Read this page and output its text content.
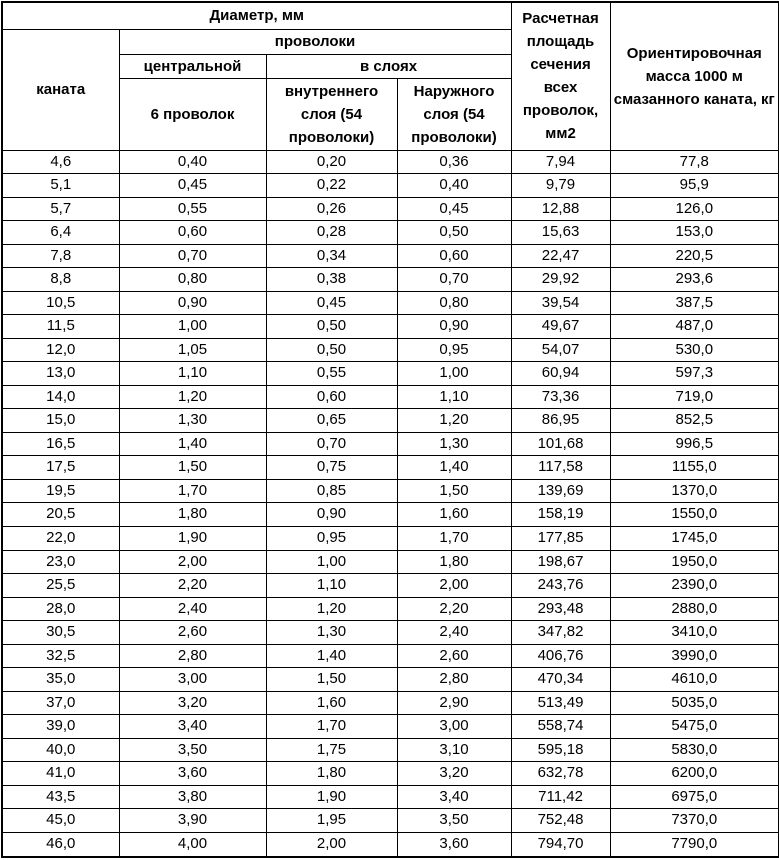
Диаметр, мм				Расчетная площадь сечения всех проволок, мм2	Ориентировочная масса 1000 м смазанного каната, кг
каната	проволоки				
	центральной	в слоях			
	6 проволок	внутреннего слоя (54 проволоки)	Наружного слоя (54 проволоки)		
4,6	0,40	0,20	0,36	7,94	77,8
5,1	0,45	0,22	0,40	9,79	95,9
5,7	0,55	0,26	0,45	12,88	126,0
6,4	0,60	0,28	0,50	15,63	153,0
7,8	0,70	0,34	0,60	22,47	220,5
8,8	0,80	0,38	0,70	29,92	293,6
10,5	0,90	0,45	0,80	39,54	387,5
11,5	1,00	0,50	0,90	49,67	487,0
12,0	1,05	0,50	0,95	54,07	530,0
13,0	1,10	0,55	1,00	60,94	597,3
14,0	1,20	0,60	1,10	73,36	719,0
15,0	1,30	0,65	1,20	86,95	852,5
16,5	1,40	0,70	1,30	101,68	996,5
17,5	1,50	0,75	1,40	117,58	1155,0
19,5	1,70	0,85	1,50	139,69	1370,0
20,5	1,80	0,90	1,60	158,19	1550,0
22,0	1,90	0,95	1,70	177,85	1745,0
23,0	2,00	1,00	1,80	198,67	1950,0
25,5	2,20	1,10	2,00	243,76	2390,0
28,0	2,40	1,20	2,20	293,48	2880,0
30,5	2,60	1,30	2,40	347,82	3410,0
32,5	2,80	1,40	2,60	406,76	3990,0
35,0	3,00	1,50	2,80	470,34	4610,0
37,0	3,20	1,60	2,90	513,49	5035,0
39,0	3,40	1,70	3,00	558,74	5475,0
40,0	3,50	1,75	3,10	595,18	5830,0
41,0	3,60	1,80	3,20	632,78	6200,0
43,5	3,80	1,90	3,40	711,42	6975,0
45,0	3,90	1,95	3,50	752,48	7370,0
46,0	4,00	2,00	3,60	794,70	7790,0
